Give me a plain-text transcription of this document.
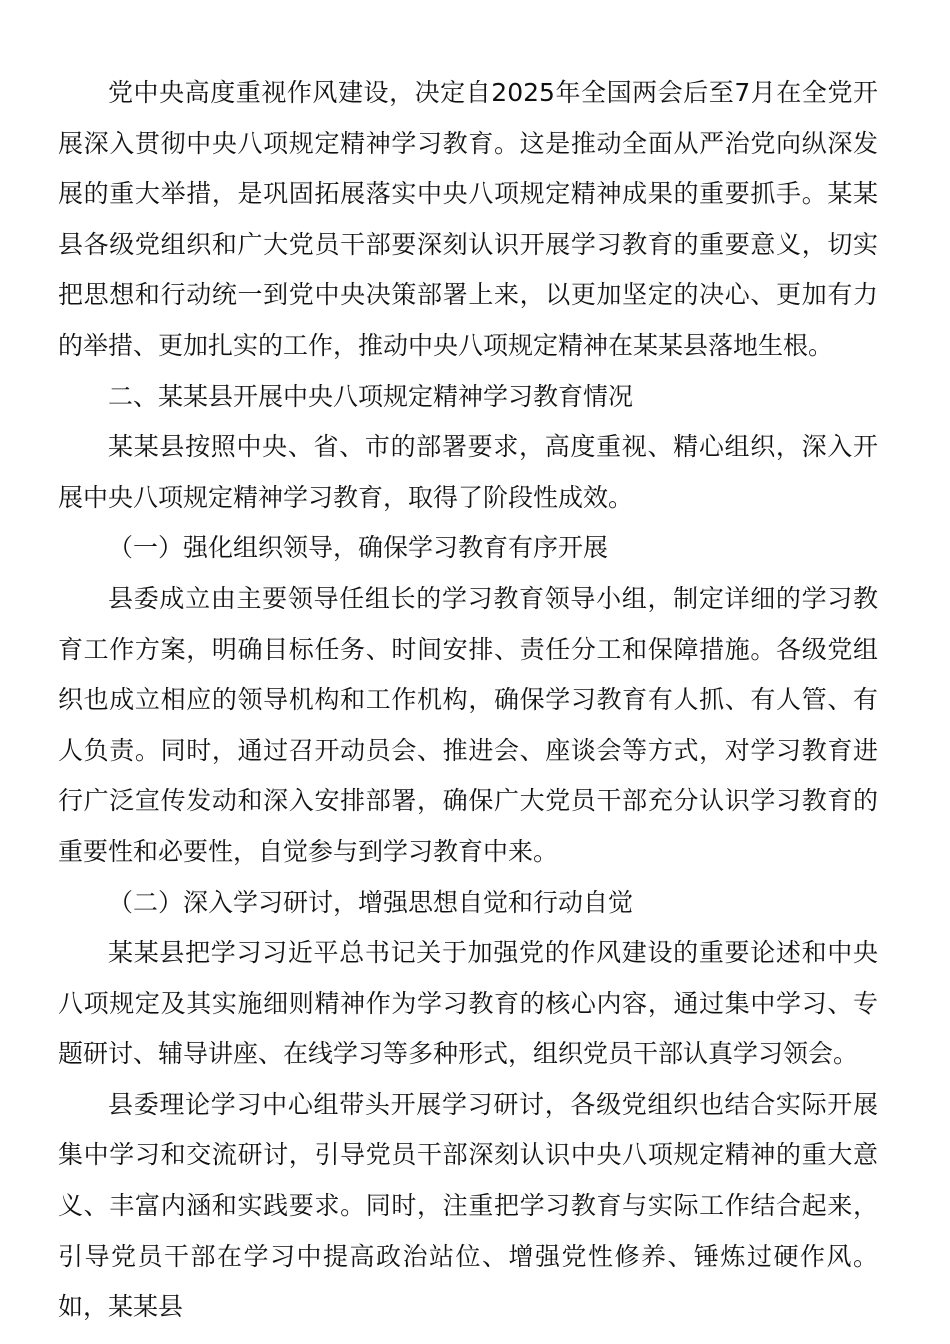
党中央高度重视作风建设，决定自2025年全国两会后至7月在全党开展深入贯彻中央八项规定精神学习教育。这是推动全面从严治党向纵深发展的重大举措，是巩固拓展落实中央八项规定精神成果的重要抓手。某某县各级党组织和广大党员干部要深刻认识开展学习教育的重要意义，切实把思想和行动统一到党中央决策部署上来，以更加坚定的决心、更加有力的举措、更加扎实的工作，推动中央八项规定精神在某某县落地生根。

二、某某县开展中央八项规定精神学习教育情况

某某县按照中央、省、市的部署要求，高度重视、精心组织，深入开展中央八项规定精神学习教育，取得了阶段性成效。

（一）强化组织领导，确保学习教育有序开展

县委成立由主要领导任组长的学习教育领导小组，制定详细的学习教育工作方案，明确目标任务、时间安排、责任分工和保障措施。各级党组织也成立相应的领导机构和工作机构，确保学习教育有人抓、有人管、有人负责。同时，通过召开动员会、推进会、座谈会等方式，对学习教育进行广泛宣传发动和深入安排部署，确保广大党员干部充分认识学习教育的重要性和必要性，自觉参与到学习教育中来。

（二）深入学习研讨，增强思想自觉和行动自觉

某某县把学习习近平总书记关于加强党的作风建设的重要论述和中央八项规定及其实施细则精神作为学习教育的核心内容，通过集中学习、专题研讨、辅导讲座、在线学习等多种形式，组织党员干部认真学习领会。

县委理论学习中心组带头开展学习研讨，各级党组织也结合实际开展集中学习和交流研讨，引导党员干部深刻认识中央八项规定精神的重大意义、丰富内涵和实践要求。同时，注重把学习教育与实际工作结合起来，引导党员干部在学习中提高政治站位、增强党性修养、锤炼过硬作风。如，某某县
